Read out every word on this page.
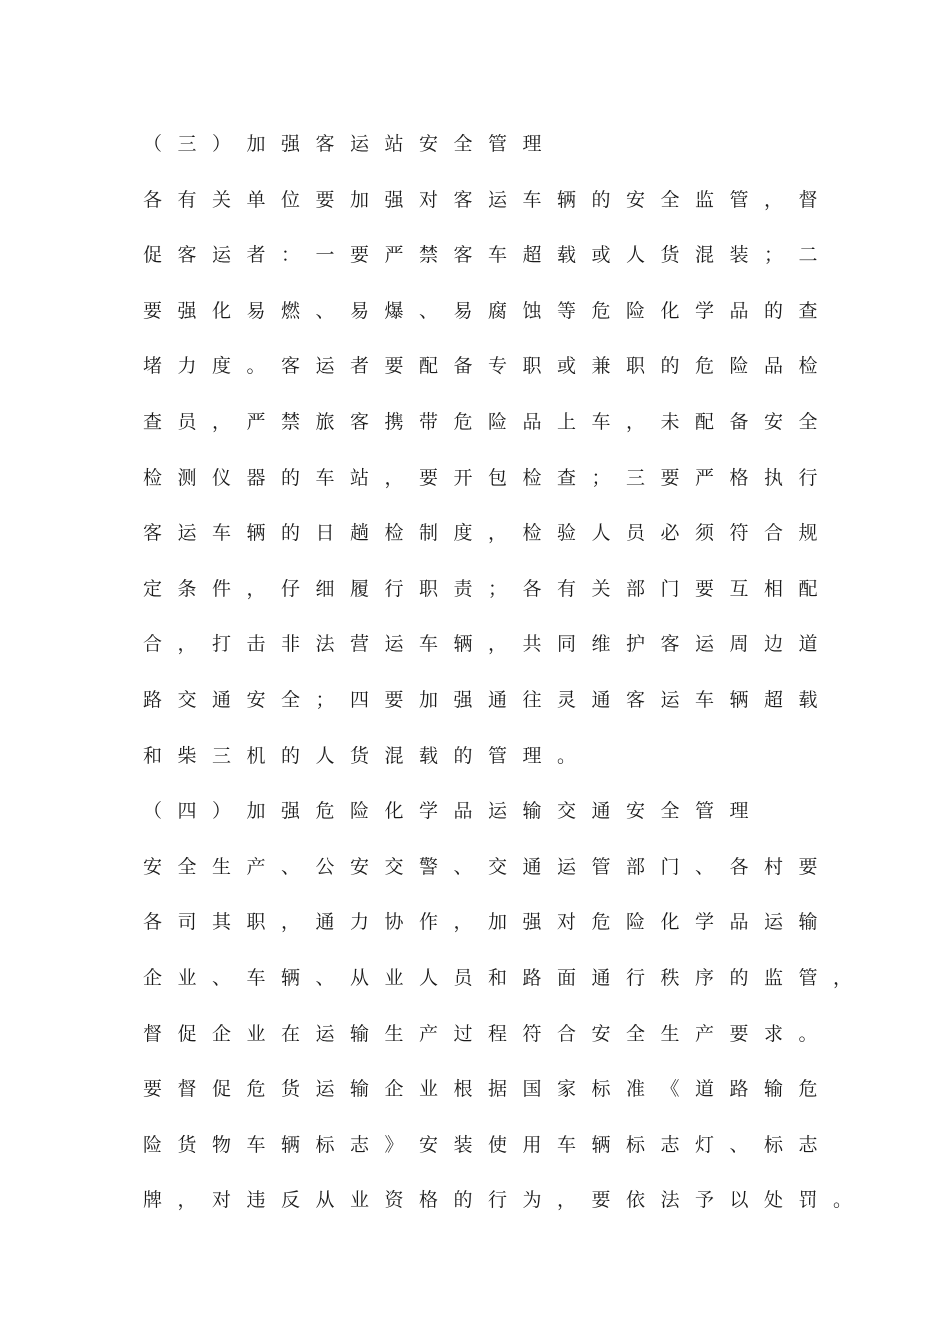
（三）加强客运站安全管理
各有关单位要加强对客运车辆的安全监管，督
促客运者：一要严禁客车超载或人货混装；二
要强化易燃、易爆、易腐蚀等危险化学品的查
堵力度。客运者要配备专职或兼职的危险品检
查员，严禁旅客携带危险品上车，未配备安全
检测仪器的车站，要开包检查；三要严格执行
客运车辆的日趟检制度，检验人员必须符合规
定条件，仔细履行职责；各有关部门要互相配
合，打击非法营运车辆，共同维护客运周边道
路交通安全；四要加强通往灵通客运车辆超载
和柴三机的人货混载的管理。
（四）加强危险化学品运输交通安全管理
安全生产、公安交警、交通运管部门、各村要
各司其职，通力协作，加强对危险化学品运输
企业、车辆、从业人员和路面通行秩序的监管，
督促企业在运输生产过程符合安全生产要求。
要督促危货运输企业根据国家标准《道路输危
险货物车辆标志》安装使用车辆标志灯、标志
牌，对违反从业资格的行为，要依法予以处罚。
